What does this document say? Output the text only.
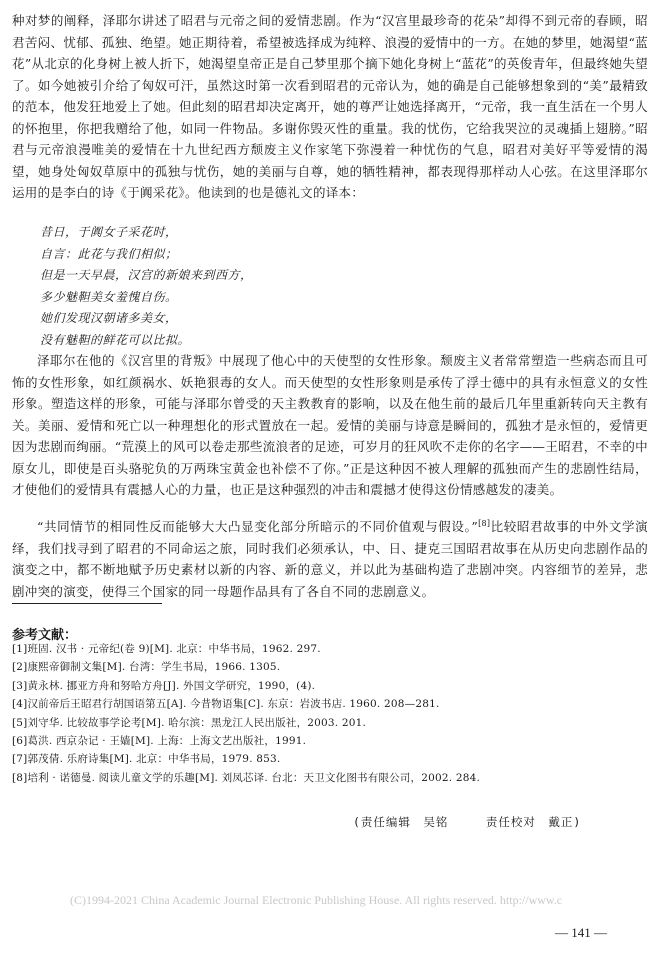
种对梦的阐释，泽耶尔讲述了昭君与元帝之间的爱情悲剧。作为“汉宫里最珍奇的花朵”却得不到元帝的春顾，昭君苦闷、忧郁、孤独、绝望。她正期待着，希望被选择成为纯粹、浪漫的爱情中的一方。在她的梦里，她渴望“蓝花”从北京的化身树上被人折下，她渴望皇帝正是自己梦里那个摘下她化身树上“蓝花”的英俊青年，但最终她失望了。如今她被引介给了匈奴可汗，虽然这时第一次看到昭君的元帝认为，她的确是自己能够想象到的“美”最精致的范本，他发狂地爱上了她。但此刻的昭君却决定离开，她的尊严让她选择离开，“元帝，我一直生活在一个男人的怀抱里，你把我赠给了他，如同一件物品。多谢你毁灭性的重量。我的忧伤，它给我哭泣的灵魂插上翅膀。”昭君与元帝浪漫唯美的爱情在十九世纪西方颓废主义作家笔下弥漫着一种忧伤的气息，昭君对美好平等爱情的渴望，她身处匈奴草原中的孤独与忧伤，她的美丽与自尊，她的牺牲精神，都表现得那样动人心弦。在这里泽耶尔运用的是李白的诗《于阗采花》。他读到的也是德礼文的译本：

昔日，于阗女子采花时，
自言：此花与我们相似；
但是一天早晨，汉宫的新娘来到西方，
多少魅靼美女羞愧自伤。
她们发现汉朝诸多美女，
没有魅靼的鲜花可以比拟。

泽耶尔在他的《汉宫里的背叛》中展现了他心中的天使型的女性形象。颓废主义者常常塑造一些病态而且可怖的女性形象，如红颜祸水、妖艳狠毒的女人。而天使型的女性形象则是承传了浮士德中的具有永恒意义的女性形象。塑造这样的形象，可能与泽耶尔曾受的天主教教育的影响，以及在他生前的最后几年里重新转向天主教有关。美丽、爱情和死亡以一种理想化的形式置放在一起。爱情的美丽与诗意是瞬间的，孤独才是永恒的，爱情更因为悲剧而绚丽。“荒漠上的风可以卷走那些流浪者的足迹，可岁月的狂风吹不走你的名字——王昭君，不幸的中原女儿，即使是百头骆驼负的万两珠宝黄金也补偿不了你。”正是这种因不被人理解的孤独而产生的悲剧性结局，才使他们的爱情具有震撼人心的力量，也正是这种强烈的冲击和震撼才使得这份情感越发的凄美。

“共同情节的相同性反而能够大大凸显变化部分所暗示的不同价值观与假设。”[8]比较昭君故事的中外文学演绎，我们找寻到了昭君的不同命运之旅，同时我们必须承认，中、日、捷克三国昭君故事在从历史向悲剧作品的演变之中，都不断地赋予历史素材以新的内容、新的意义，并以此为基础构造了悲剧冲突。内容细节的差异，悲剧冲突的演变，使得三个国家的同一母题作品具有了各自不同的悲剧意义。

参考文献：

[1]班固. 汉书 · 元帝纪(卷 9)[M]. 北京：中华书局，1962. 297.
[2]康熙帝御制文集[M]. 台湾：学生书局，1966. 1305.
[3]黄永林. 挪亚方舟和努哈方舟[J]. 外国文学研究，1990，(4).
[4]汉前帝后王昭君行胡国语第五[A]. 今昔物语集[C]. 东京：岩波书店. 1960. 208—281.
[5]刘守华. 比较故事学论考[M]. 哈尔滨：黑龙江人民出版社，2003. 201.
[6]葛洪. 西京杂记 · 王嫱[M]. 上海：上海文艺出版社，1991.
[7]郭茂倩. 乐府诗集[M]. 北京：中华书局，1979. 853.
[8]培利 · 诺德曼. 阅读儿童文学的乐趣[M]. 刘凤芯译. 台北：天卫文化图书有限公司，2002. 284.

(责任编辑　吴铭　　　责任校对　戴正)

(C)1994-2021 China Academic Journal Electronic Publishing House. All rights reserved. http://www.c

— 141 —
